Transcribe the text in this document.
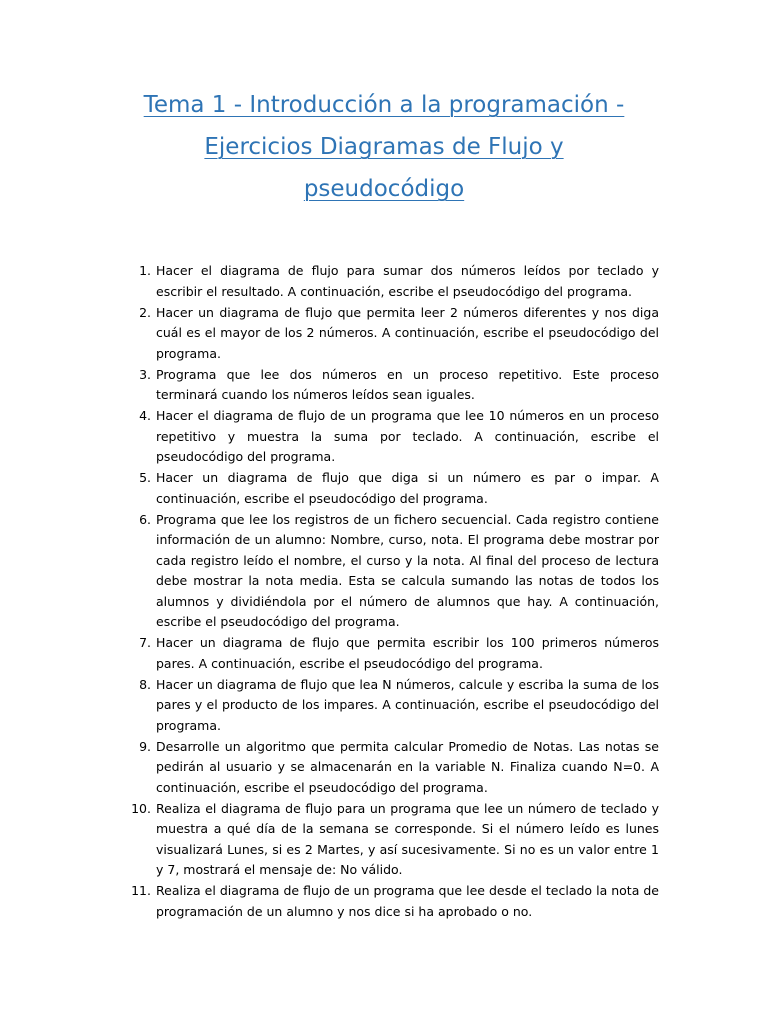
Tema 1 - Introducción a la programación -
Ejercicios Diagramas de Flujo y
pseudocódigo
1. Hacer el diagrama de flujo para sumar dos números leídos por teclado y escribir el resultado. A continuación, escribe el pseudocódigo del programa.
2. Hacer un diagrama de flujo que permita leer 2 números diferentes y nos diga cuál es el mayor de los 2 números. A continuación, escribe el pseudocódigo del programa.
3. Programa que lee dos números en un proceso repetitivo. Este proceso terminará cuando los números leídos sean iguales.
4. Hacer el diagrama de flujo de un programa que lee 10 números en un proceso repetitivo y muestra la suma por teclado. A continuación, escribe el pseudocódigo del programa.
5. Hacer un diagrama de flujo que diga si un número es par o impar. A continuación, escribe el pseudocódigo del programa.
6. Programa que lee los registros de un fichero secuencial. Cada registro contiene información de un alumno: Nombre, curso, nota. El programa debe mostrar por cada registro leído el nombre, el curso y la nota. Al final del proceso de lectura debe mostrar la nota media. Esta se calcula sumando las notas de todos los alumnos y dividiéndola por el número de alumnos que hay. A continuación, escribe el pseudocódigo del programa.
7. Hacer un diagrama de flujo que permita escribir los 100 primeros números pares. A continuación, escribe el pseudocódigo del programa.
8. Hacer un diagrama de flujo que lea N números, calcule y escriba la suma de los pares y el producto de los impares. A continuación, escribe el pseudocódigo del programa.
9. Desarrolle un algoritmo que permita calcular Promedio de Notas. Las notas se pedirán al usuario y se almacenarán en la variable N. Finaliza cuando N=0. A continuación, escribe el pseudocódigo del programa.
10. Realiza el diagrama de flujo para un programa que lee un número de teclado y muestra a qué día de la semana se corresponde. Si el número leído es lunes visualizará Lunes, si es 2 Martes, y así sucesivamente. Si no es un valor entre 1 y 7, mostrará el mensaje de: No válido.
11. Realiza el diagrama de flujo de un programa que lee desde el teclado la nota de programación de un alumno y nos dice si ha aprobado o no.
